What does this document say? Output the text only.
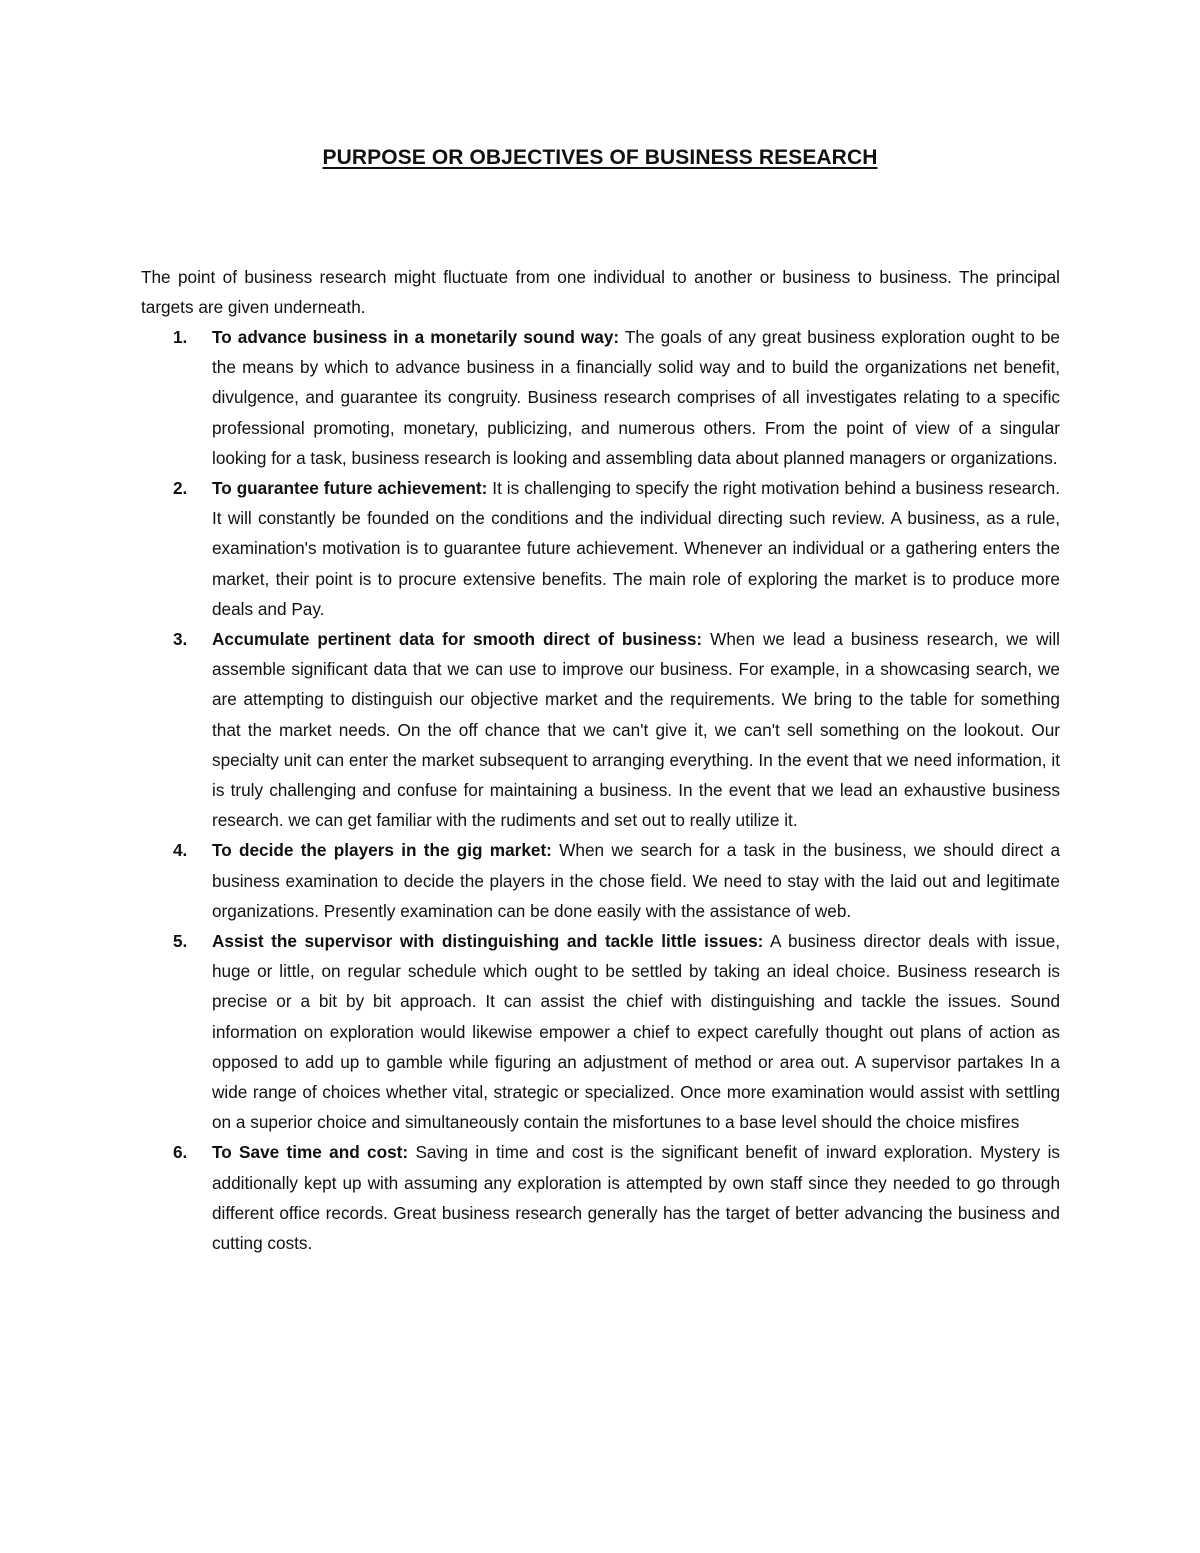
PURPOSE OR OBJECTIVES OF BUSINESS RESEARCH

The point of business research might fluctuate from one individual to another or business to business. The principal targets are given underneath.

1. To advance business in a monetarily sound way: The goals of any great business exploration ought to be the means by which to advance business in a financially solid way and to build the organizations net benefit, divulgence, and guarantee its congruity. Business research comprises of all investigates relating to a specific professional promoting, monetary, publicizing, and numerous others. From the point of view of a singular looking for a task, business research is looking and assembling data about planned managers or organizations.
2. To guarantee future achievement: It is challenging to specify the right motivation behind a business research. It will constantly be founded on the conditions and the individual directing such review. A business, as a rule, examination's motivation is to guarantee future achievement. Whenever an individual or a gathering enters the market, their point is to procure extensive benefits. The main role of exploring the market is to produce more deals and Pay.
3. Accumulate pertinent data for smooth direct of business: When we lead a business research, we will assemble significant data that we can use to improve our business. For example, in a showcasing search, we are attempting to distinguish our objective market and the requirements. We bring to the table for something that the market needs. On the off chance that we can't give it, we can't sell something on the lookout. Our specialty unit can enter the market subsequent to arranging everything. In the event that we need information, it is truly challenging and confuse for maintaining a business. In the event that we lead an exhaustive business research. we can get familiar with the rudiments and set out to really utilize it.
4. To decide the players in the gig market: When we search for a task in the business, we should direct a business examination to decide the players in the chose field. We need to stay with the laid out and legitimate organizations. Presently examination can be done easily with the assistance of web.
5. Assist the supervisor with distinguishing and tackle little issues: A business director deals with issue, huge or little, on regular schedule which ought to be settled by taking an ideal choice. Business research is precise or a bit by bit approach. It can assist the chief with distinguishing and tackle the issues. Sound information on exploration would likewise empower a chief to expect carefully thought out plans of action as opposed to add up to gamble while figuring an adjustment of method or area out. A supervisor partakes In a wide range of choices whether vital, strategic or specialized. Once more examination would assist with settling on a superior choice and simultaneously contain the misfortunes to a base level should the choice misfires
6. To Save time and cost: Saving in time and cost is the significant benefit of inward exploration. Mystery is additionally kept up with assuming any exploration is attempted by own staff since they needed to go through different office records. Great business research generally has the target of better advancing the business and cutting costs.
